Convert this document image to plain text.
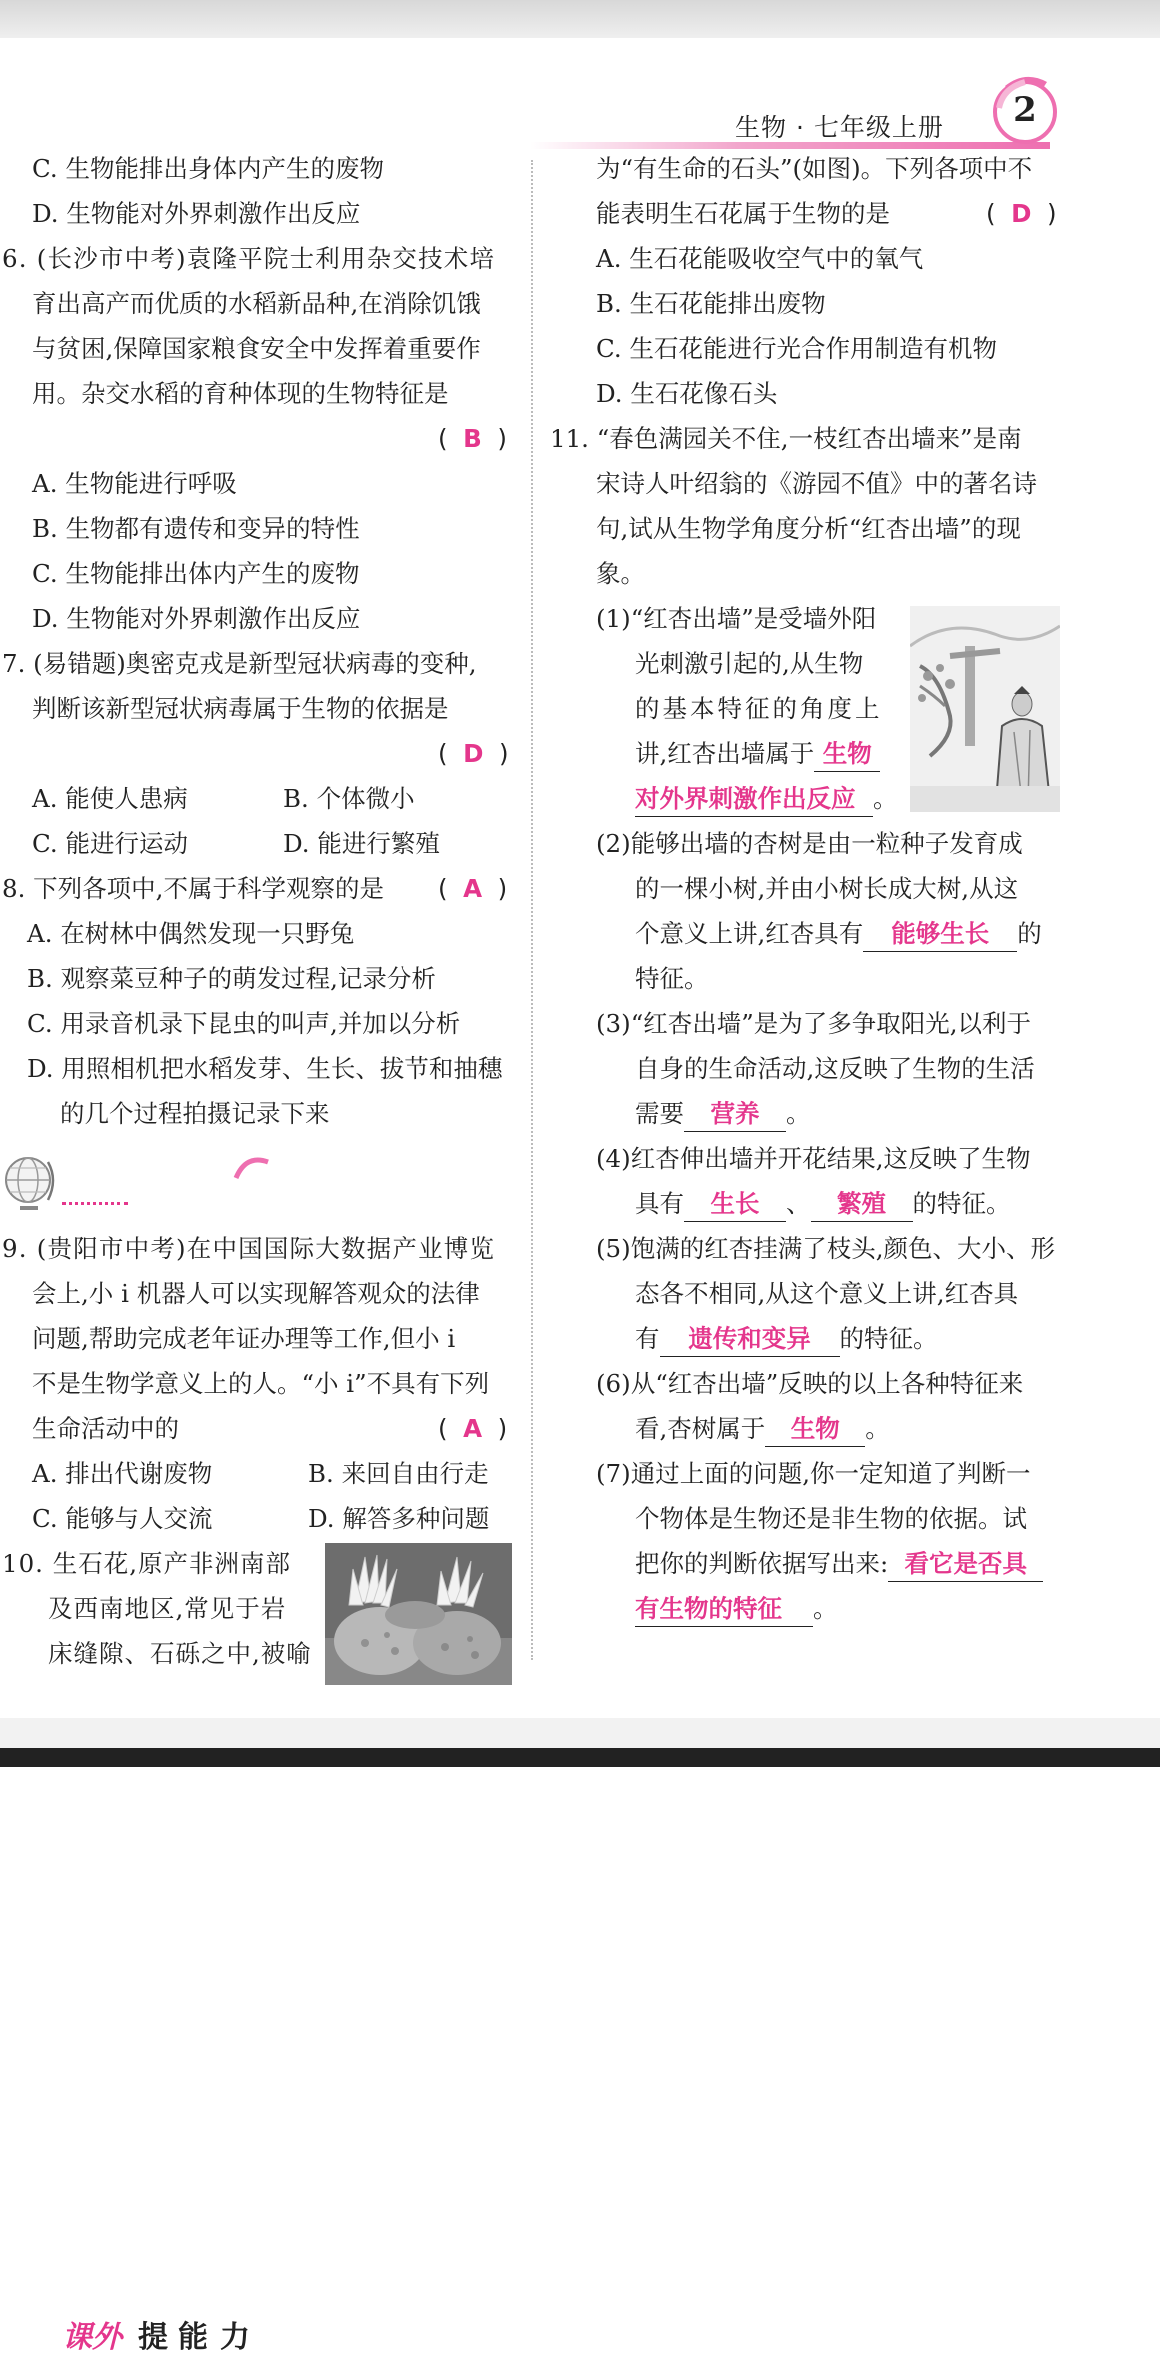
生物 · 七年级上册	2
C. 生物能排出身体内产生的废物
D. 生物能对外界刺激作出反应
6. (长沙市中考)袁隆平院士利用杂交技术培
育出高产而优质的水稻新品种,在消除饥饿
与贫困,保障国家粮食安全中发挥着重要作
用。杂交水稻的育种体现的生物特征是
(  B  )
A. 生物能进行呼吸
B. 生物都有遗传和变异的特性
C. 生物能排出体内产生的废物
D. 生物能对外界刺激作出反应
7. (易错题)奥密克戎是新型冠状病毒的变种,
判断该新型冠状病毒属于生物的依据是
(  D  )
A. 能使人患病	B. 个体微小
C. 能进行运动	D. 能进行繁殖
8. 下列各项中,不属于科学观察的是 (  A  )
A. 在树林中偶然发现一只野兔
B. 观察菜豆种子的萌发过程,记录分析
C. 用录音机录下昆虫的叫声,并加以分析
D. 用照相机把水稻发芽、生长、拔节和抽穗
的几个过程拍摄记录下来
课外 提 能 力
9. (贵阳市中考)在中国国际大数据产业博览
会上,小 i 机器人可以实现解答观众的法律
问题,帮助完成老年证办理等工作,但小 i
不是生物学意义上的人。“小 i”不具有下列
生命活动中的	(  A  )
A. 排出代谢废物	B. 来回自由行走
C. 能够与人交流	D. 解答多种问题
10. 生石花,原产非洲南部
及西南地区,常见于岩
床缝隙、石砾之中,被喻
为“有生命的石头”(如图)。下列各项中不
能表明生石花属于生物的是	(  D  )
A. 生石花能吸收空气中的氧气
B. 生石花能排出废物
C. 生石花能进行光合作用制造有机物
D. 生石花像石头
11. “春色满园关不住,一枝红杏出墙来”是南
宋诗人叶绍翁的《游园不值》中的著名诗
句,试从生物学角度分析“红杏出墙”的现
象。
(1)“红杏出墙”是受墙外阳
光刺激引起的,从生物
的基本特征的角度上
讲,红杏出墙属于 生物
对外界刺激作出反应 。
(2)能够出墙的杏树是由一粒种子发育成
的一棵小树,并由小树长成大树,从这
个意义上讲,红杏具有 能够生长 的
特征。
(3)“红杏出墙”是为了多争取阳光,以利于
自身的生命活动,这反映了生物的生活
需要 营养 。
(4)红杏伸出墙并开花结果,这反映了生物
具有 生长 、 繁殖 的特征。
(5)饱满的红杏挂满了枝头,颜色、大小、形
态各不相同,从这个意义上讲,红杏具
有 遗传和变异 的特征。
(6)从“红杏出墙”反映的以上各种特征来
看,杏树属于 生物 。
(7)通过上面的问题,你一定知道了判断一
个物体是生物还是非生物的依据。试
把你的判断依据写出来: 看它是否具
有生物的特征 。
